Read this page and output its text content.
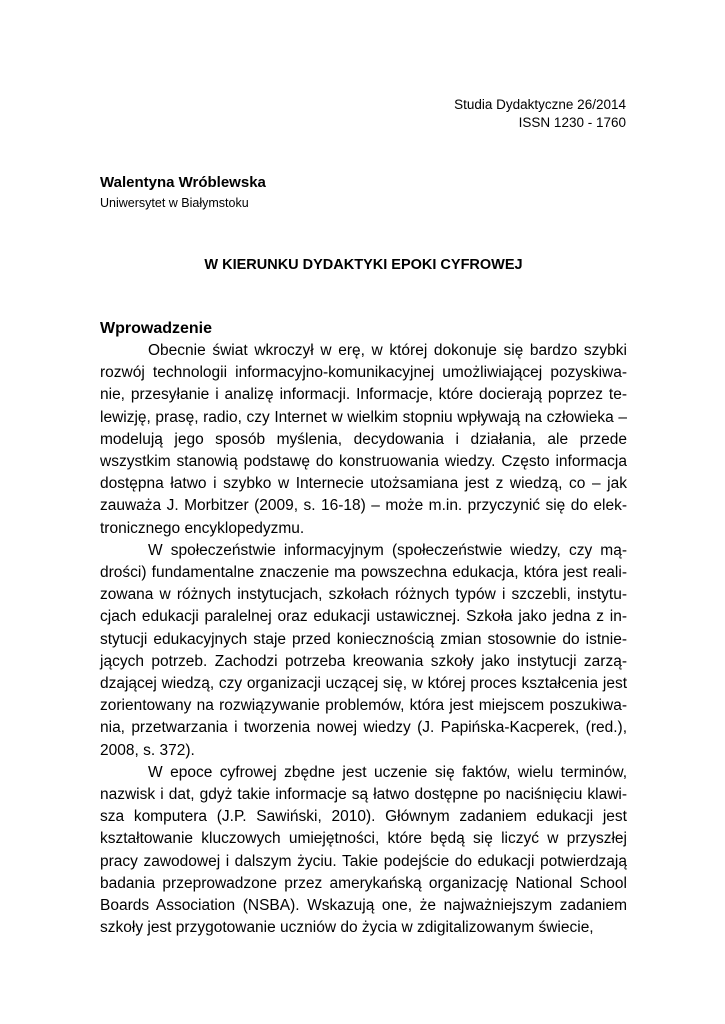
Studia Dydaktyczne 26/2014
ISSN 1230 - 1760
Walentyna Wróblewska
Uniwersytet w Białymstoku
W KIERUNKU DYDAKTYKI EPOKI CYFROWEJ
Wprowadzenie

Obecnie świat wkroczył w erę, w której dokonuje się bardzo szybki rozwój technologii informacyjno-komunikacyjnej umożliwiającej pozyskiwanie, przesyłanie i analizę informacji. Informacje, które docierają poprzez telewizję, prasę, radio, czy Internet w wielkim stopniu wpływają na człowieka – modelują jego sposób myślenia, decydowania i działania, ale przede wszystkim stanowią podstawę do konstruowania wiedzy. Często informacja dostępna łatwo i szybko w Internecie utożsamiana jest z wiedzą, co – jak zauważa J. Morbitzer (2009, s. 16-18) – może m.in. przyczynić się do elektronicznego encyklopedyzmu.

W społeczeństwie informacyjnym (społeczeństwie wiedzy, czy mądrości) fundamentalne znaczenie ma powszechna edukacja, która jest realizowana w różnych instytucjach, szkołach różnych typów i szczebli, instytucjach edukacji paralelnej oraz edukacji ustawicznej. Szkoła jako jedna z instytucji edukacyjnych staje przed koniecznością zmian stosownie do istniejących potrzeb. Zachodzi potrzeba kreowania szkoły jako instytucji zarządzającej wiedzą, czy organizacji uczącej się, w której proces kształcenia jest zorientowany na rozwiązywanie problemów, która jest miejscem poszukiwania, przetwarzania i tworzenia nowej wiedzy (J. Papińska-Kacperek, (red.), 2008, s. 372).

W epoce cyfrowej zbędne jest uczenie się faktów, wielu terminów, nazwisk i dat, gdyż takie informacje są łatwo dostępne po naciśnięciu klawisza komputera (J.P. Sawiński, 2010). Głównym zadaniem edukacji jest kształtowanie kluczowych umiejętności, które będą się liczyć w przyszłej pracy zawodowej i dalszym życiu. Takie podejście do edukacji potwierdzają badania przeprowadzone przez amerykańską organizację National School Boards Association (NSBA). Wskazują one, że najważniejszym zadaniem szkoły jest przygotowanie uczniów do życia w zdigitalizowanym świecie,
